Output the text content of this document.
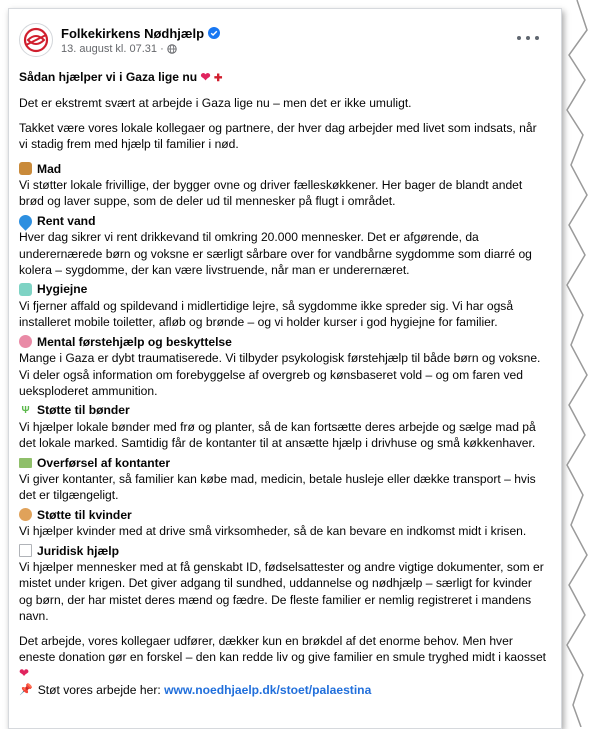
Folkekirkens Nødhjælp
13. august kl. 07.31 ·

Sådan hjælper vi i Gaza lige nu ❤ ✚

Det er ekstremt svært at arbejde i Gaza lige nu – men det er ikke umuligt.

Takket være vores lokale kollegaer og partnere, der hver dag arbejder med livet som indsats, når vi stadig frem med hjælp til familier i nød.

Mad

Vi støtter lokale frivillige, der bygger ovne og driver fælleskøkkener. Her bager de blandt andet brød og laver suppe, som de deler ud til mennesker på flugt i området.

Rent vand

Hver dag sikrer vi rent drikkevand til omkring 20.000 mennesker. Det er afgørende, da underernærede børn og voksne er særligt sårbare over for vandbårne sygdomme som diarré og kolera – sygdomme, der kan være livstruende, når man er underernæret.

Hygiejne

Vi fjerner affald og spildevand i midlertidige lejre, så sygdomme ikke spreder sig. Vi har også installeret mobile toiletter, afløb og brønde – og vi holder kurser i god hygiejne for familier.

Mental førstehjælp og beskyttelse

Mange i Gaza er dybt traumatiserede. Vi tilbyder psykologisk førstehjælp til både børn og voksne. Vi deler også information om forebyggelse af overgreb og kønsbaseret vold – og om faren ved ueksploderet ammunition.

Ψ Støtte til bønder

Vi hjælper lokale bønder med frø og planter, så de kan fortsætte deres arbejde og sælge mad på det lokale marked. Samtidig får de kontanter til at ansætte hjælp i drivhuse og små køkkenhaver.

Overførsel af kontanter

Vi giver kontanter, så familier kan købe mad, medicin, betale husleje eller dække transport – hvis det er tilgængeligt.

Støtte til kvinder

Vi hjælper kvinder med at drive små virksomheder, så de kan bevare en indkomst midt i krisen.

Juridisk hjælp

Vi hjælper mennesker med at få genskabt ID, fødselsattester og andre vigtige dokumenter, som er mistet under krigen. Det giver adgang til sundhed, uddannelse og nødhjælp – særligt for kvinder og børn, der har mistet deres mænd og fædre. De fleste familier er nemlig registreret i mandens navn.

Det arbejde, vores kollegaer udfører, dækker kun en brøkdel af det enorme behov. Men hver eneste donation gør en forskel – den kan redde liv og give familier en smule tryghed midt i kaosset ❤

📌 Støt vores arbejde her:
www.noedhjaelp.dk/stoet/palaestina
